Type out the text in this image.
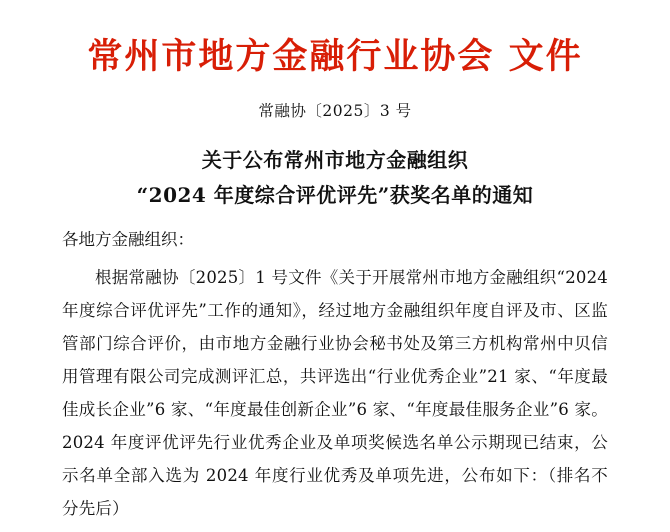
常州市地方金融行业协会 文件
常融协〔2025〕3 号
关于公布常州市地方金融组织
“2024 年度综合评优评先”获奖名单的通知
各地方金融组织：
根据常融协〔2025〕1 号文件《关于开展常州市地方金融组织“2024 年度综合评优评先”工作的通知》，经过地方金融组织年度自评及市、区监管部门综合评价，由市地方金融行业协会秘书处及第三方机构常州中贝信用管理有限公司完成测评汇总，共评选出“行业优秀企业”21 家、“年度最佳成长企业”6 家、“年度最佳创新企业”6 家、“年度最佳服务企业”6 家。2024 年度评优评先行业优秀企业及单项奖候选名单公示期现已结束，公示名单全部入选为 2024 年度行业优秀及单项先进，公布如下：（排名不分先后）
